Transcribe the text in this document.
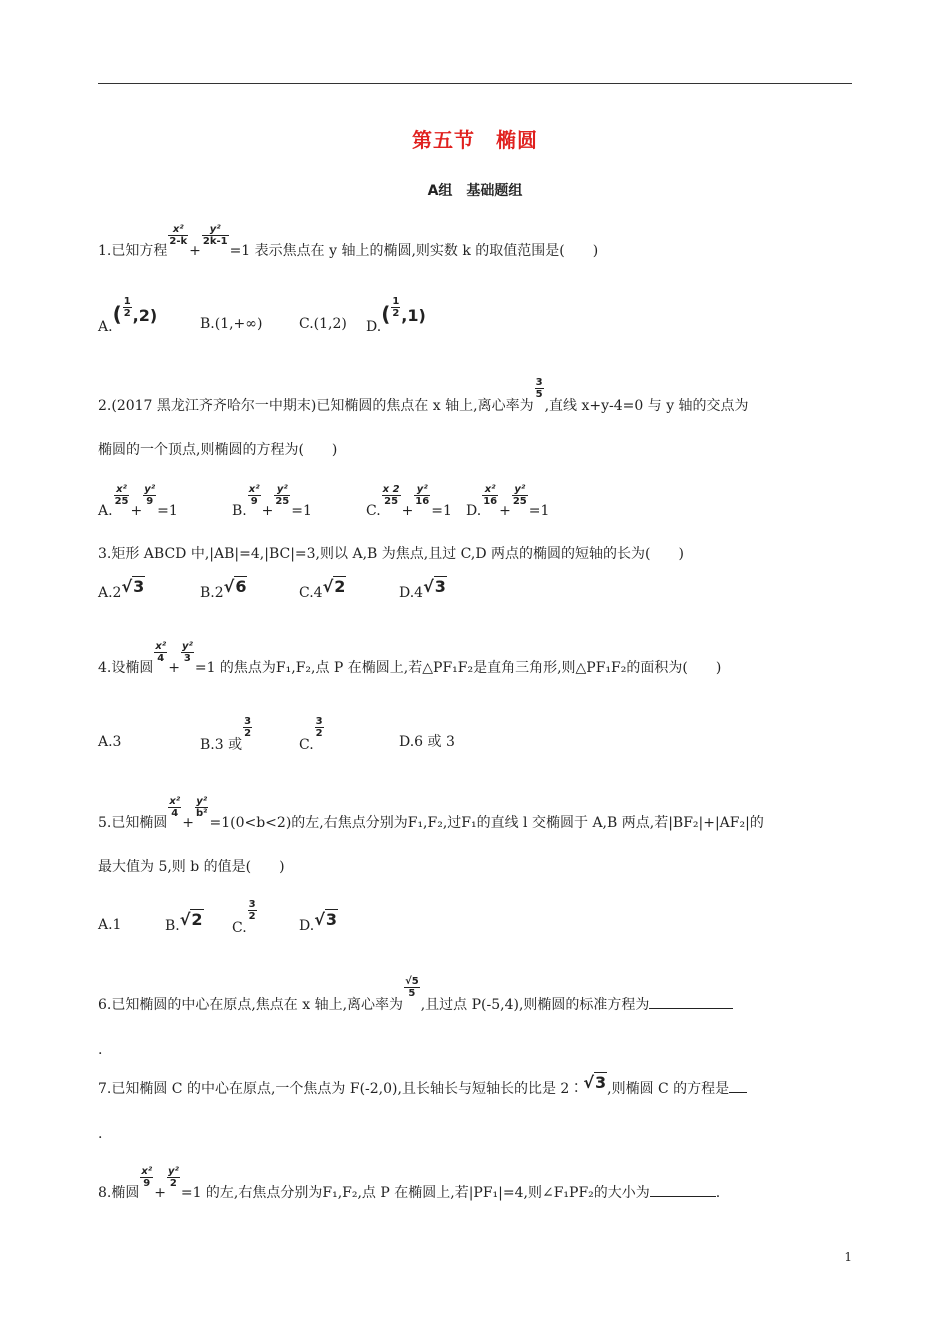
第五节　椭圆
A组　基础题组
1.已知方程
$\frac{\text{x²}}{2-k}$
+
$\frac{\text{y²}}{2k-1}$
=1 表示焦点在 y 轴上的椭圆,则实数 k 的取值范围是(　　)
$A.( \frac{1}{2} ,2)$	B.(1,+∞)	C.(1,2) $D.( \frac{1}{2} ,1)$
2.(2017 黑龙江齐齐哈尔一中期末)已知椭圆的焦点在 x 轴上,离心率为
$\frac{3}{5}$
,直线 x+y-4=0 与 y 轴的交点为
椭圆的一个顶点,则椭圆的方程为(　　)
A.
$\frac{\text{x²}}{25}$
+
$\frac{\text{y²}}{9}$
=1	B.
$\frac{\text{x²}}{9}$
+
$\frac{\text{y²}}{25}$
=1	C.
$\frac{x 2}{25}$
+
$\frac{\text{y²}}{16}$
=1 D.
$\frac{\text{x²}}{16}$
+
$\frac{\text{y²}}{25}$
=1
3.矩形 ABCD 中,|AB|=4,|BC|=3,则以 A,B 为焦点,且过 C,D 两点的椭圆的短轴的长为(　　)
A.2√3	B.2√6	C.4√2	D.4√3
4.设椭圆
$\frac{\text{x²}}{4}$
+
$\frac{\text{y²}}{3}$
=1 的焦点为F₁,F₂,点 P 在椭圆上,若△PF₁F₂是直角三角形,则△PF₁F₂的面积为(　　)
A.3	B.3 或
$\frac{3}{2}$
C.
$\frac{3}{2}$
D.6 或 3
5.已知椭圆
$\frac{\text{x²}}{4}$
+
$\frac{\text{y²}}{\text{b²}}$
=1(0<b<2)的左,右焦点分别为F₁,F₂,过F₁的直线 l 交椭圆于 A,B 两点,若|BF₂|+|AF₂|的
最大值为 5,则 b 的值是(　　)
A.1	B.√2 C.
$\frac{3}{2}$
D.√3
6.已知椭圆的中心在原点,焦点在 x 轴上,离心率为
$\frac{√5}{5}$
,且过点 P(-5,4),则椭圆的标准方程为
.
7.已知椭圆 C 的中心在原点,一个焦点为 F(-2,0),且长轴长与短轴长的比是 2∶√3,则椭圆 C 的方程是
.
8.椭圆
$\frac{\text{x²}}{9}$
+
$\frac{\text{y²}}{2}$
=1 的左,右焦点分别为F₁,F₂,点 P 在椭圆上,若|PF₁|=4,则∠F₁PF₂的大小为	.
1
